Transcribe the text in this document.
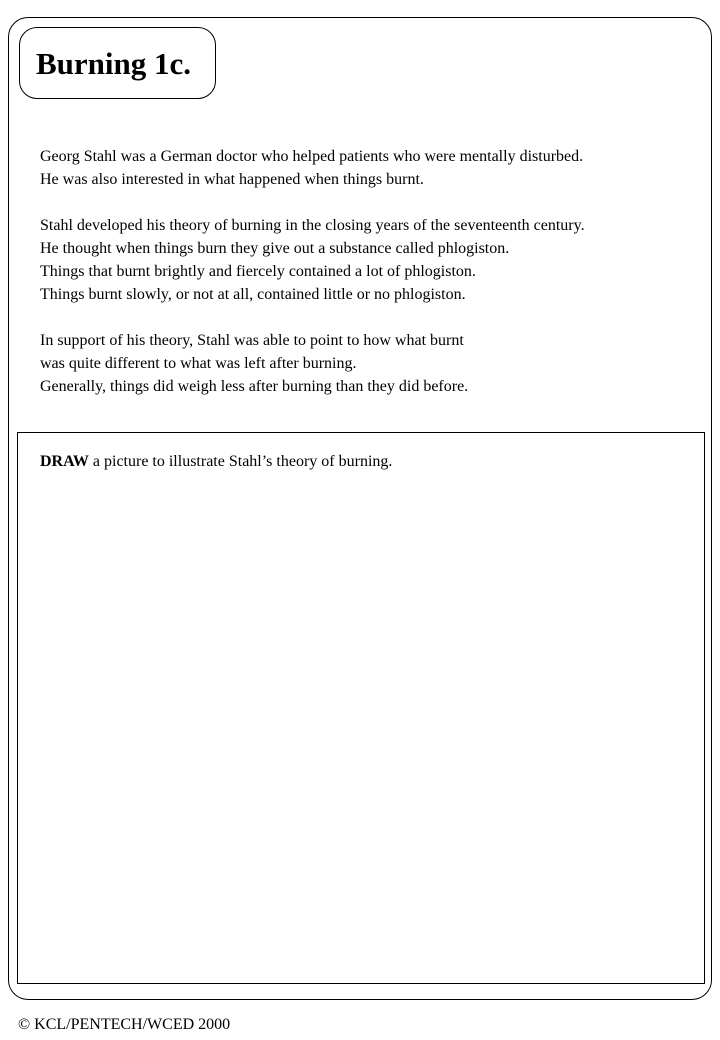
Burning 1c.
Georg Stahl was a German doctor who helped patients who were mentally disturbed.
He was also interested in what happened when things burnt.
Stahl developed his theory of burning in the closing years of the seventeenth century.
He thought when things burn they give out a substance called phlogiston.
Things that burnt brightly and fiercely contained a lot of phlogiston.
Things burnt slowly, or not at all, contained little or no phlogiston.
In support of his theory, Stahl was able to point to how what burnt
was quite different to what was left after burning.
Generally, things did weigh less after burning than they did before.
DRAW a picture to illustrate Stahl’s theory of burning.
© KCL/PENTECH/WCED 2000
